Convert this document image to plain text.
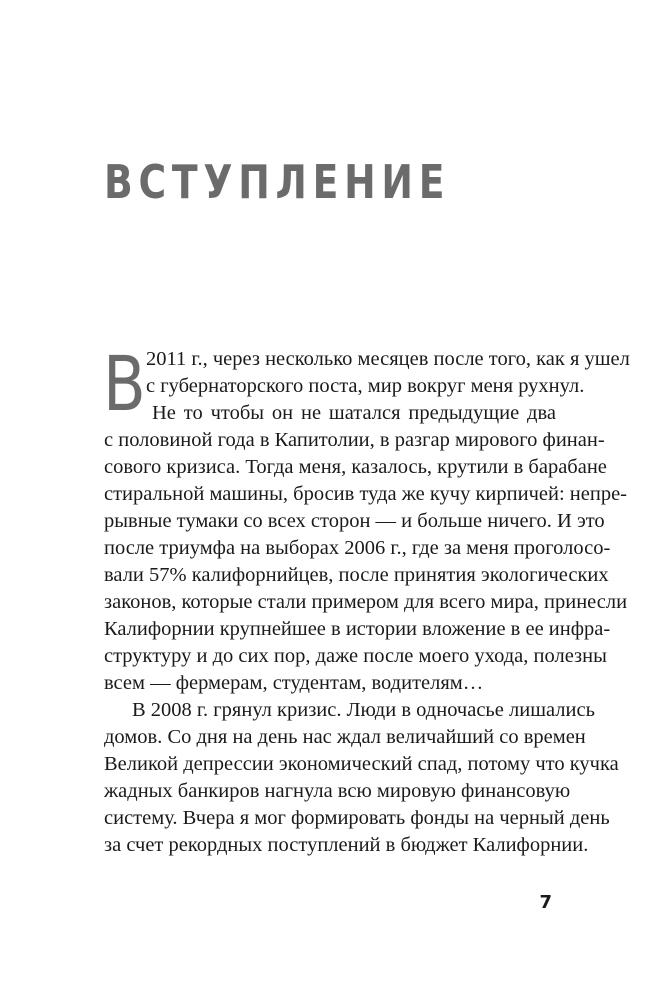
ВСТУПЛЕНИЕ
В 2011 г., через несколько месяцев после того, как я ушел
с губернаторского поста, мир вокруг меня рухнул.
Не то чтобы он не шатался предыдущие два
с половиной года в Капитолии, в разгар мирового финан-
сового кризиса. Тогда меня, казалось, крутили в барабане
стиральной машины, бросив туда же кучу кирпичей: непре-
рывные тумаки со всех сторон — и больше ничего. И это
после триумфа на выборах 2006 г., где за меня проголосо-
вали 57% калифорнийцев, после принятия экологических
законов, которые стали примером для всего мира, принесли
Калифорнии крупнейшее в истории вложение в ее инфра-
структуру и до сих пор, даже после моего ухода, полезны
всем — фермерам, студентам, водителям…
В 2008 г. грянул кризис. Люди в одночасье лишались
домов. Со дня на день нас ждал величайший со времен
Великой депрессии экономический спад, потому что кучка
жадных банкиров нагнула всю мировую финансовую
систему. Вчера я мог формировать фонды на черный день
за счет рекордных поступлений в бюджет Калифорнии.
7
